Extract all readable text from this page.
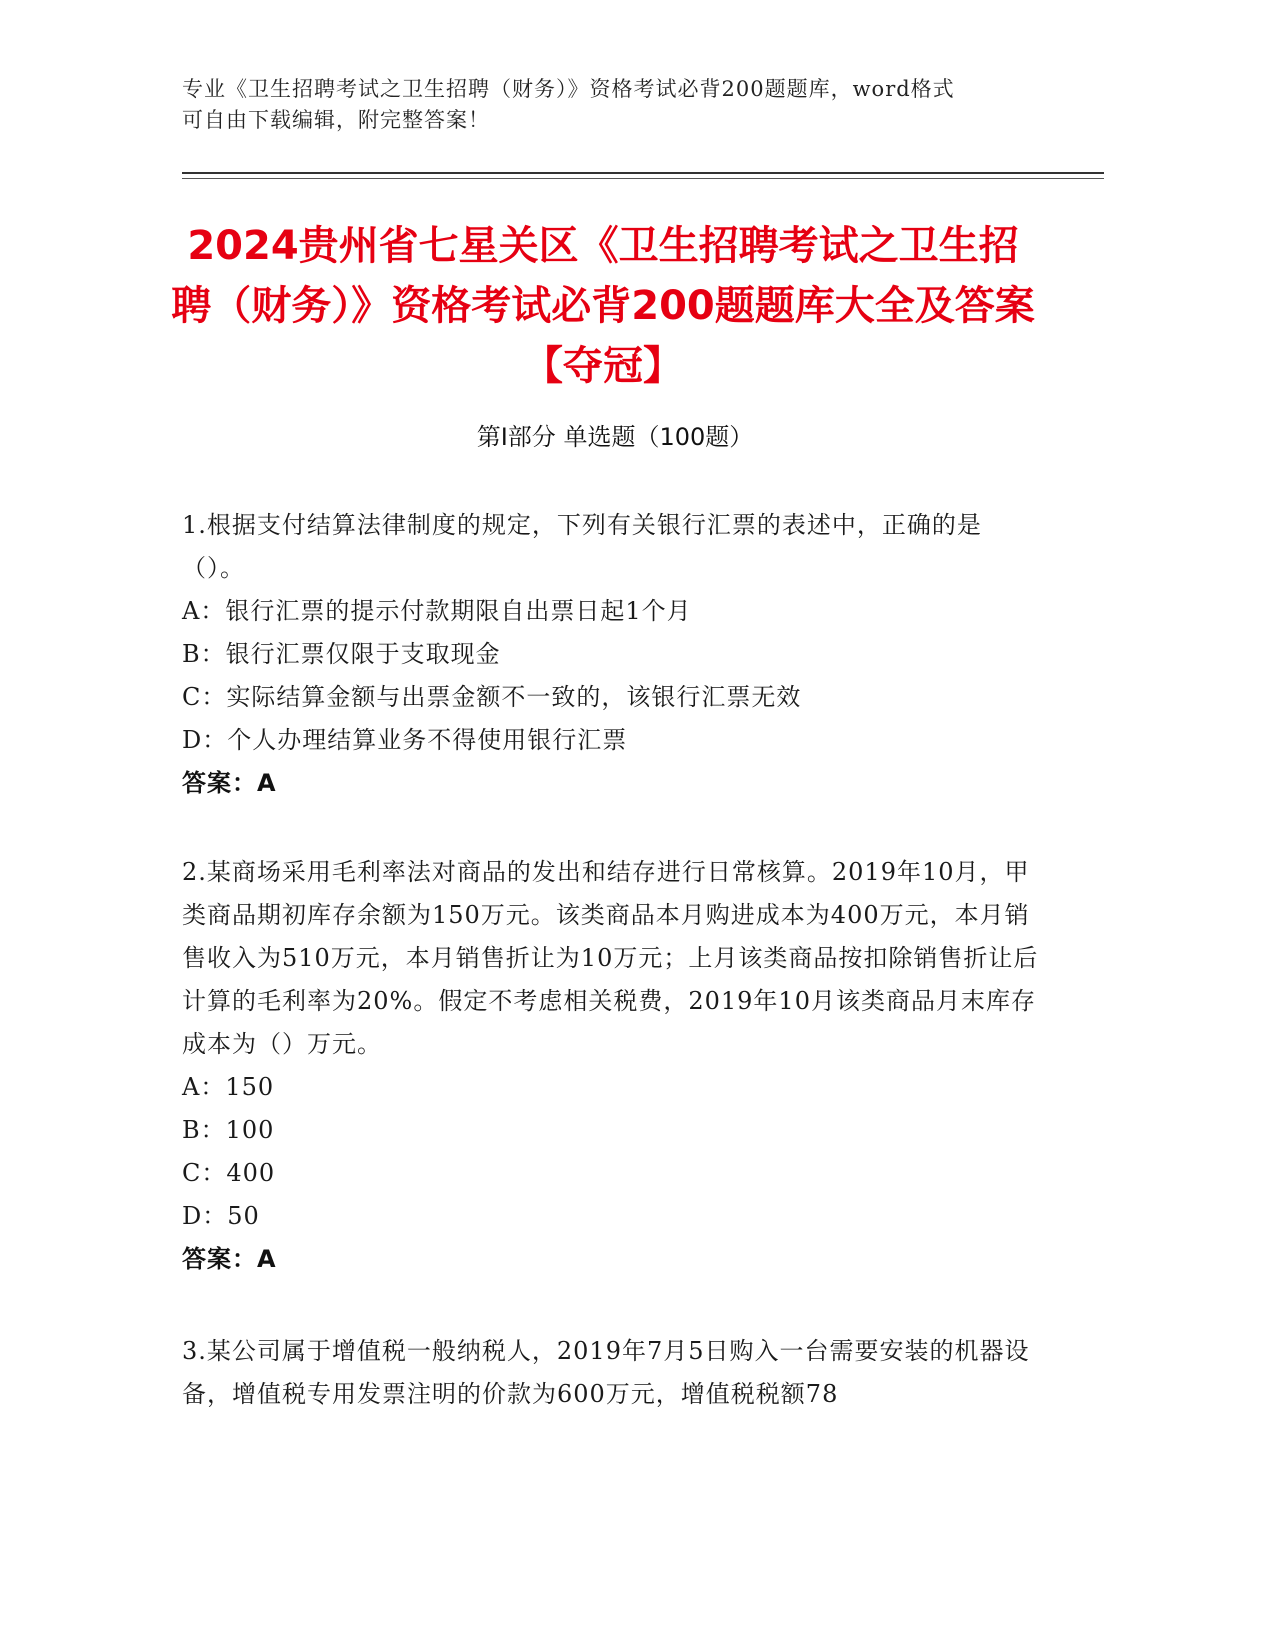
专业《卫生招聘考试之卫生招聘（财务）》资格考试必背200题题库，word格式
可自由下载编辑，附完整答案！
2024贵州省七星关区《卫生招聘考试之卫生招聘（财务）》资格考试必背200题题库大全及答案【夺冠】
第Ⅰ部分 单选题（100题）
1.根据支付结算法律制度的规定，下列有关银行汇票的表述中，正确的是（）。
A：银行汇票的提示付款期限自出票日起1个月
B：银行汇票仅限于支取现金
C：实际结算金额与出票金额不一致的，该银行汇票无效
D：个人办理结算业务不得使用银行汇票
答案：A
2.某商场采用毛利率法对商品的发出和结存进行日常核算。2019年10月，甲类商品期初库存余额为150万元。该类商品本月购进成本为400万元，本月销售收入为510万元，本月销售折让为10万元；上月该类商品按扣除销售折让后计算的毛利率为20%。假定不考虑相关税费，2019年10月该类商品月末库存成本为（）万元。
A：150
B：100
C：400
D：50
答案：A
3.某公司属于增值税一般纳税人，2019年7月5日购入一台需要安装的机器设备，增值税专用发票注明的价款为600万元，增值税税额78
